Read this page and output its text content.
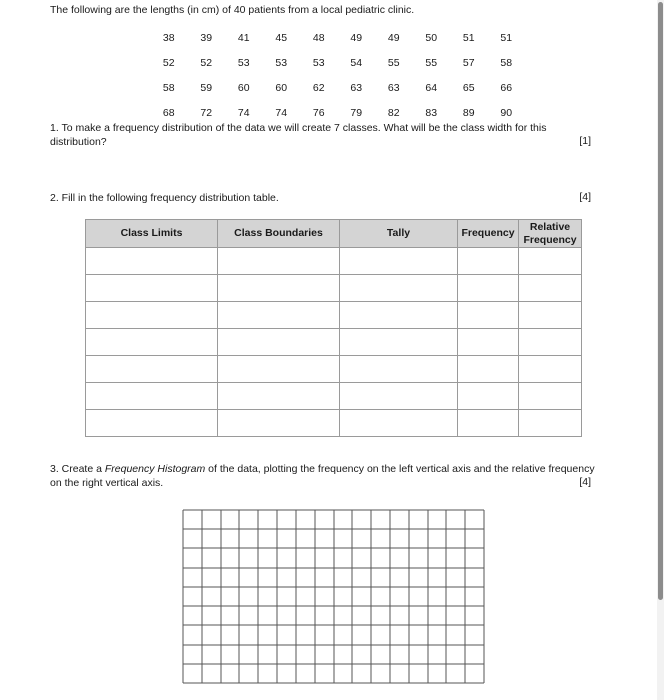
The following are the lengths (in cm) of 40 patients from a local pediatric clinic.
38	39	41	45	48	49	49	50	51	51
52	52	53	53	53	54	55	55	57	58
58	59	60	60	62	63	63	64	65	66
68	72	74	74	76	79	82	83	89	90
1. To make a frequency distribution of the data we will create 7 classes. What will be the class width for this
distribution?	[1]
2. Fill in the following frequency distribution table.	[4]
Class Limits	Class Boundaries	Tally	Frequency	Relative
Frequency

3. Create a Frequency Histogram of the data, plotting the frequency on the left vertical axis and the relative frequency
on the right vertical axis.	[4]
